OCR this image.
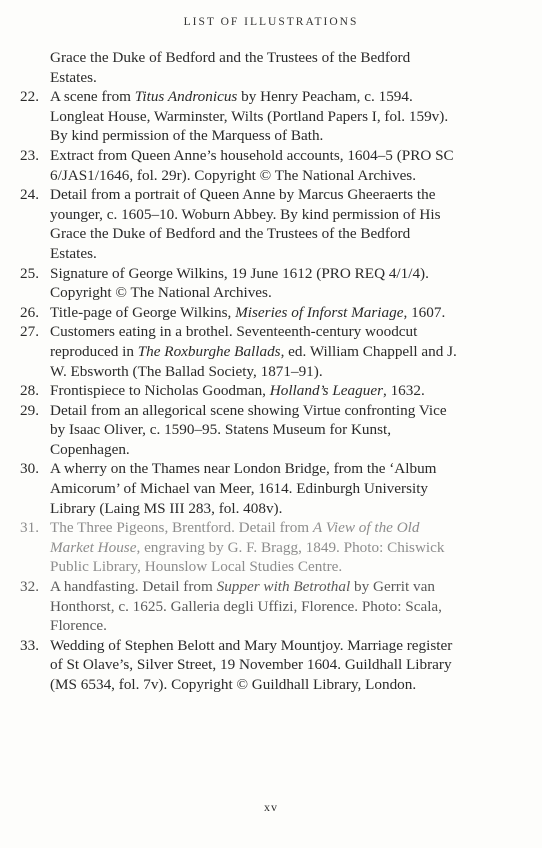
LIST OF ILLUSTRATIONS

Grace the Duke of Bedford and the Trustees of the Bedford Estates.

22. A scene from Titus Andronicus by Henry Peacham, c. 1594. Longleat House, Warminster, Wilts (Portland Papers I, fol. 159v). By kind permission of the Marquess of Bath.

23. Extract from Queen Anne’s household accounts, 1604–5 (PRO SC 6/JAS1/1646, fol. 29r). Copyright © The National Archives.

24. Detail from a portrait of Queen Anne by Marcus Gheeraerts the younger, c. 1605–10. Woburn Abbey. By kind permission of His Grace the Duke of Bedford and the Trustees of the Bedford Estates.

25. Signature of George Wilkins, 19 June 1612 (PRO REQ 4/1/4). Copyright © The National Archives.

26. Title-page of George Wilkins, Miseries of Inforst Mariage, 1607.

27. Customers eating in a brothel. Seventeenth-century woodcut reproduced in The Roxburghe Ballads, ed. William Chappell and J. W. Ebsworth (The Ballad Society, 1871–91).

28. Frontispiece to Nicholas Goodman, Holland’s Leaguer, 1632.

29. Detail from an allegorical scene showing Virtue confronting Vice by Isaac Oliver, c. 1590–95. Statens Museum for Kunst, Copenhagen.

30. A wherry on the Thames near London Bridge, from the ‘Album Amicorum’ of Michael van Meer, 1614. Edinburgh University Library (Laing MS III 283, fol. 408v).

31. The Three Pigeons, Brentford. Detail from A View of the Old Market House, engraving by G. F. Bragg, 1849. Photo: Chiswick Public Library, Hounslow Local Studies Centre.

32. A handfasting. Detail from Supper with Betrothal by Gerrit van Honthorst, c. 1625. Galleria degli Uffizi, Florence. Photo: Scala, Florence.

33. Wedding of Stephen Belott and Mary Mountjoy. Marriage register of St Olave’s, Silver Street, 19 November 1604. Guildhall Library (MS 6534, fol. 7v). Copyright © Guildhall Library, London.

xv
